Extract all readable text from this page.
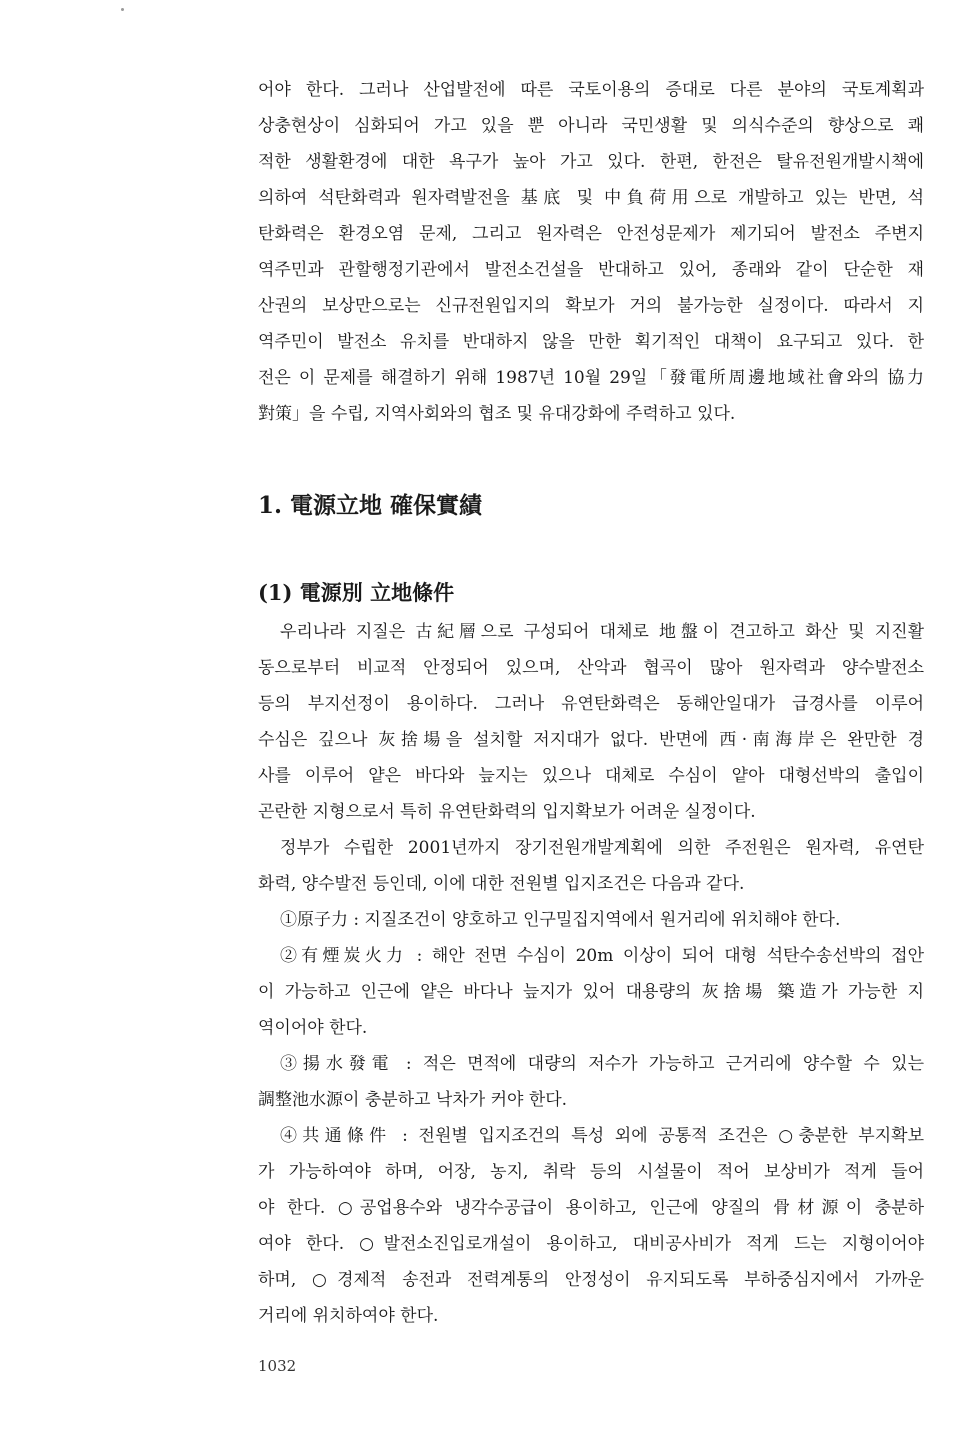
어야 한다. 그러나 산업발전에 따른 국토이용의 증대로 다른 분야의 국토계획과
상충현상이 심화되어 가고 있을 뿐 아니라 국민생활 및 의식수준의 향상으로 쾌
적한 생활환경에 대한 욕구가 높아 가고 있다. 한편, 한전은 탈유전원개발시책에
의하여 석탄화력과 원자력발전을 基底 및 中負荷用으로 개발하고 있는 반면, 석
탄화력은 환경오염 문제, 그리고 원자력은 안전성문제가 제기되어 발전소 주변지
역주민과 관할행정기관에서 발전소건설을 반대하고 있어, 종래와 같이 단순한 재
산권의 보상만으로는 신규전원입지의 확보가 거의 불가능한 실정이다. 따라서 지
역주민이 발전소 유치를 반대하지 않을 만한 획기적인 대책이 요구되고 있다. 한
전은 이 문제를 해결하기 위해 1987년 10월 29일「發電所周邊地域社會와의 協力
對策」을 수립, 지역사회와의 협조 및 유대강화에 주력하고 있다.
1. 電源立地 確保實績
(1) 電源別 立地條件
우리나라 지질은 古紀層으로 구성되어 대체로 地盤이 견고하고 화산 및 지진활
동으로부터 비교적 안정되어 있으며, 산악과 협곡이 많아 원자력과 양수발전소
등의 부지선정이 용이하다. 그러나 유연탄화력은 동해안일대가 급경사를 이루어
수심은 깊으나 灰捨場을 설치할 저지대가 없다. 반면에 西·南海岸은 완만한 경
사를 이루어 얕은 바다와 늪지는 있으나 대체로 수심이 얕아 대형선박의 출입이
곤란한 지형으로서 특히 유연탄화력의 입지확보가 어려운 실정이다.
정부가 수립한 2001년까지 장기전원개발계획에 의한 주전원은 원자력, 유연탄
화력, 양수발전 등인데, 이에 대한 전원별 입지조건은 다음과 같다.
①原子力 : 지질조건이 양호하고 인구밀집지역에서 원거리에 위치해야 한다.
②有煙炭火力 : 해안 전면 수심이 20m 이상이 되어 대형 석탄수송선박의 접안
이 가능하고 인근에 얕은 바다나 늪지가 있어 대용량의 灰捨場 築造가 가능한 지
역이어야 한다.
③揚水發電 : 적은 면적에 대량의 저수가 가능하고 근거리에 양수할 수 있는
調整池水源이 충분하고 낙차가 커야 한다.
④共通條件 : 전원별 입지조건의 특성 외에 공통적 조건은 ○충분한 부지확보
가 가능하여야 하며, 어장, 농지, 취락 등의 시설물이 적어 보상비가 적게 들어
야 한다. ○공업용수와 냉각수공급이 용이하고, 인근에 양질의 骨材源이 충분하
여야 한다. ○발전소진입로개설이 용이하고, 대비공사비가 적게 드는 지형이어야
하며, ○경제적 송전과 전력계통의 안정성이 유지되도록 부하중심지에서 가까운
거리에 위치하여야 한다.
1032
